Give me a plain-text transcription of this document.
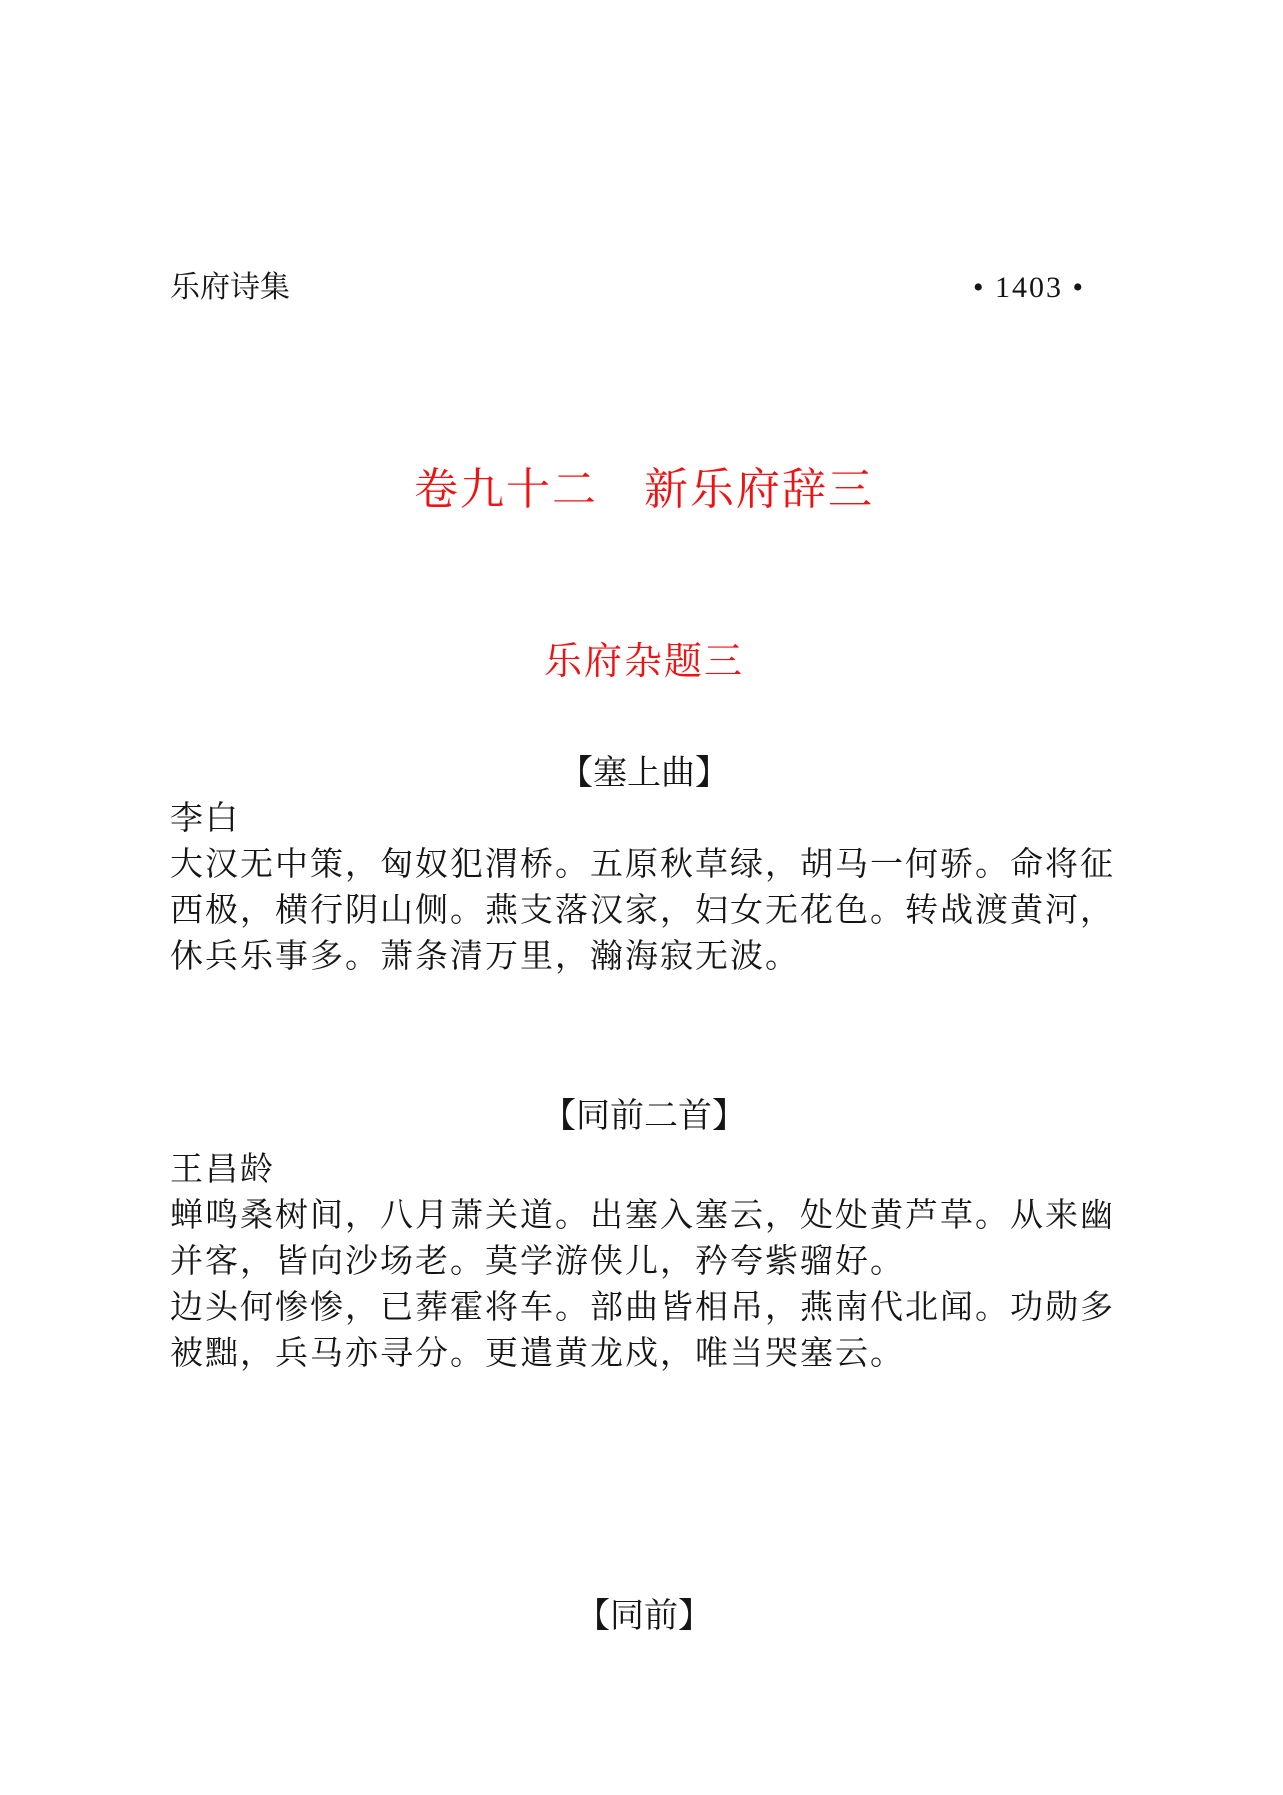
乐府诗集	• 1403 •
卷九十二　新乐府辞三
乐府杂题三
【塞上曲】

李白

大汉无中策，匈奴犯渭桥。五原秋草绿，胡马一何骄。命将征
西极，横行阴山侧。燕支落汉家，妇女无花色。转战渡黄河，
休兵乐事多。萧条清万里，瀚海寂无波。
【同前二首】

王昌龄

蝉鸣桑树间，八月萧关道。出塞入塞云，处处黄芦草。从来幽
并客，皆向沙场老。莫学游侠儿，矜夸紫骝好。
边头何惨惨，已葬霍将车。部曲皆相吊，燕南代北闻。功勋多
被黜，兵马亦寻分。更遣黄龙戍，唯当哭塞云。
【同前】
